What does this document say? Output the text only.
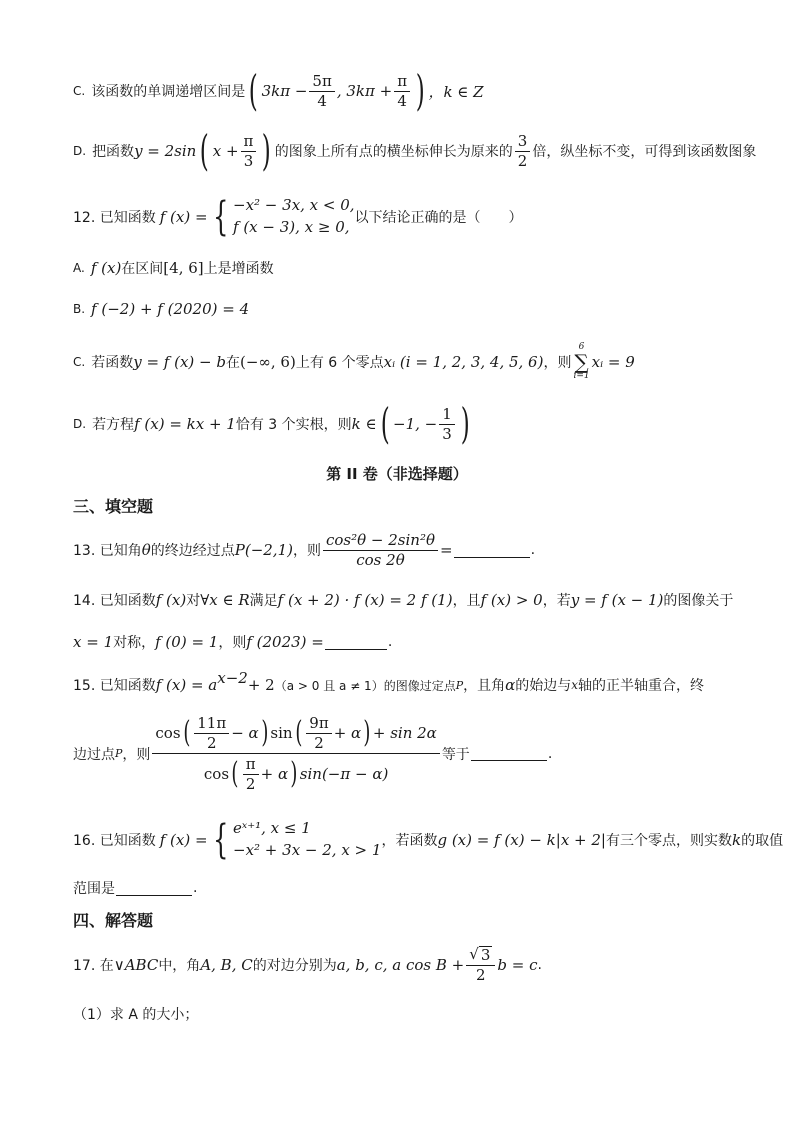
C. 该函数的单调递增区间是 ( $3k\pi - \frac{5\pi}{4}$ , $3k\pi + \frac{\pi}{4}$ ) ，k ∈ Z
D. 把函数 y = 2sin ( $x + \frac{\pi}{3}$ ) 的图象上所有点的横坐标伸长为原来的 $\frac{3}{2}$ 倍，纵坐标不变，可得到该函数图象
12. 已知函数 f (x) = { −x² − 3x, x < 0,
f (x − 3), x ≥ 0, 以下结论正确的是（　　）
A. f (x) 在区间 [4, 6] 上是增函数
B. f (−2) + f (2020) = 4
C. 若函数 y = f (x) − b 在 (−∞, 6) 上有 6 个零点 xᵢ (i = 1, 2, 3, 4, 5, 6) ，则
6
∑
i=1
xᵢ = 9
D. 若方程 f (x) = kx + 1 恰有 3 个实根，则 k ∈ ( −1, − $\frac{1}{3}$ )
第 II 卷（非选择题）
三、填空题
13. 已知角 θ 的终边经过点 P(−2,1) ，则 $\frac{\text{cos²θ − 2sin²θ}}{\cos 2\theta}$ =	.
14. 已知函数 f (x) 对 ∀x ∈ R 满足 f (x + 2) · f (x) = 2 f (1) ，且 f (x) > 0 ，若 y = f (x − 1) 的图像关于
x = 1 对称， f (0) = 1 ，则 f (2023) =	.
15. 已知函数 f $(x) = a^{x-2} + 2$ （a > 0 且 a ≠ 1）的图像过定点 P ，且角 α 的始边与 x 轴的正半轴重合，终
边过点 P ，则
cos ( $\frac{11\pi}{2} - \alpha$ ) sin ( $\frac{9\pi}{2} + \alpha$ ) + sin 2α
cos ( $\frac{\pi}{2} + \alpha$ ) sin(−π − α)
等于	.
16. 已知函数 f (x) = { eˣ⁺¹, x ≤ 1
−x² + 3x − 2, x > 1 ，若函数 g (x) = f (x) − k|x + 2| 有三个零点，则实数 k 的取值
范围是	.
四、解答题
17. 在 ∨ABC 中，角 A, B, C 的对边分别为 a, b, c, a $\cos B + \frac{√ 3}{2}$ b = c .
（1）求 A 的大小；
